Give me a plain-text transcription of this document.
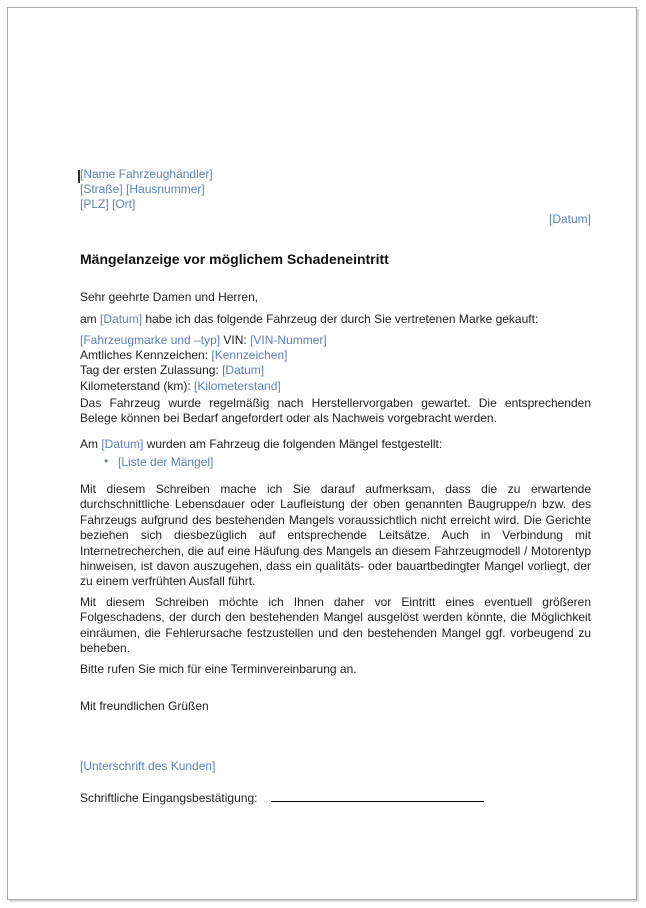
[Name Fahrzeughändler]
[Straße] [Hausnummer]
[PLZ] [Ort]
[Datum]
Mängelanzeige vor möglichem Schadeneintritt
Sehr geehrte Damen und Herren,
am [Datum] habe ich das folgende Fahrzeug der durch Sie vertretenen Marke gekauft:
[Fahrzeugmarke und –typ] VIN: [VIN-Nummer]
Amtliches Kennzeichen: [Kennzeichen]
Tag der ersten Zulassung: [Datum]
Kilometerstand (km): [Kilometerstand]
Das Fahrzeug wurde regelmäßig nach Herstellervorgaben gewartet. Die entsprechenden Belege können bei Bedarf angefordert oder als Nachweis vorgebracht werden.
Am [Datum] wurden am Fahrzeug die folgenden Mängel festgestellt:
• [Liste der Mängel]
Mit diesem Schreiben mache ich Sie darauf aufmerksam, dass die zu erwartende durchschnittliche Lebensdauer oder Laufleistung der oben genannten Baugruppe/n bzw. des Fahrzeugs aufgrund des bestehenden Mangels voraussichtlich nicht erreicht wird. Die Gerichte beziehen sich diesbezüglich auf entsprechende Leitsätze. Auch in Verbindung mit Internetrecherchen, die auf eine Häufung des Mangels an diesem Fahrzeugmodell / Motorentyp hinweisen, ist davon auszugehen, dass ein qualitäts- oder bauartbedingter Mangel vorliegt, der zu einem verfrühten Ausfall führt.
Mit diesem Schreiben möchte ich Ihnen daher vor Eintritt eines eventuell größeren Folgeschadens, der durch den bestehenden Mangel ausgelöst werden könnte, die Möglichkeit einräumen, die Fehlerursache festzustellen und den bestehenden Mangel ggf. vorbeugend zu beheben.
Bitte rufen Sie mich für eine Terminvereinbarung an.
Mit freundlichen Grüßen
[Unterschrift des Kunden]
Schriftliche Eingangsbestätigung:
